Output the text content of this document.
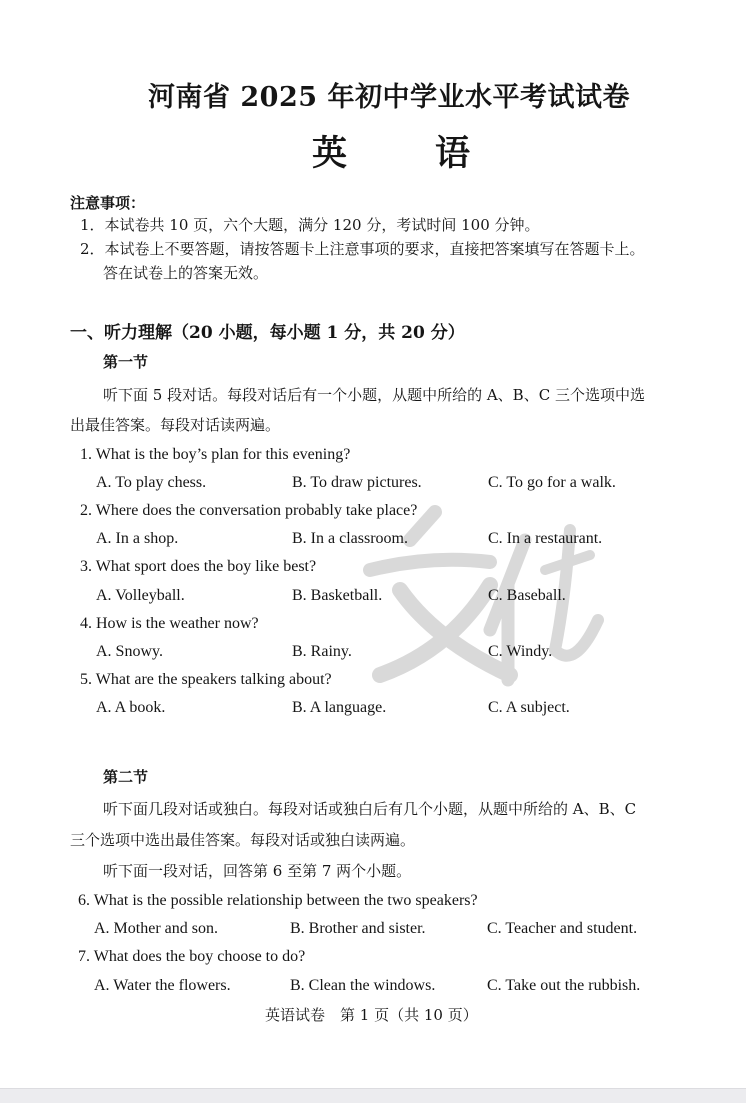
河南省 2025 年初中学业水平考试试卷
英　　语
注意事项：
1．本试卷共 10 页，六个大题，满分 120 分，考试时间 100 分钟。
2．本试卷上不要答题，请按答题卡上注意事项的要求，直接把答案填写在答题卡上。
答在试卷上的答案无效。
一、听力理解（20 小题，每小题 1 分，共 20 分）
第一节
听下面 5 段对话。每段对话后有一个小题，从题中所给的 A、B、C 三个选项中选
出最佳答案。每段对话读两遍。
1. What is the boy’s plan for this evening?
A. To play chess.	B. To draw pictures.	C. To go for a walk.
2. Where does the conversation probably take place?
A. In a shop.	B. In a classroom.	C. In a restaurant.
3. What sport does the boy like best?
A. Volleyball.	B. Basketball.	C. Baseball.
4. How is the weather now?
A. Snowy.	B. Rainy.	C. Windy.
5. What are the speakers talking about?
A. A book.	B. A language.	C. A subject.
第二节
听下面几段对话或独白。每段对话或独白后有几个小题，从题中所给的 A、B、C
三个选项中选出最佳答案。每段对话或独白读两遍。
听下面一段对话，回答第 6 至第 7 两个小题。
6. What is the possible relationship between the two speakers?
A. Mother and son.	B. Brother and sister.	C. Teacher and student.
7. What does the boy choose to do?
A. Water the flowers.	B. Clean the windows.	C. Take out the rubbish.
英语试卷　第 1 页（共 10 页）
